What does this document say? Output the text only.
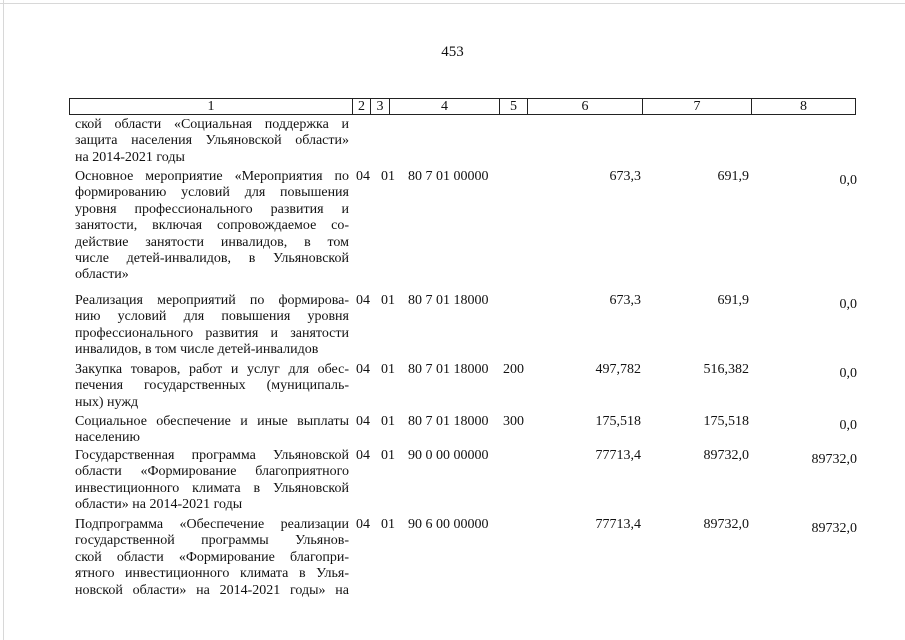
453
1	2 3	4	5	6	7	8
ской области «Социальная поддержка и
защита населения Ульяновской области»
на 2014-2021 годы
Основное мероприятие «Мероприятия по
формированию условий для повышения
уровня профессионального развития и
занятости, включая сопровождаемое со-
действие занятости инвалидов, в том
числе детей-инвалидов, в Ульяновской
области»
04 01 80 7 01 00000	673,3	691,9	0,0
Реализация мероприятий по формирова-
нию условий для повышения уровня
профессионального развития и занятости
инвалидов, в том числе детей-инвалидов
04 01 80 7 01 18000	673,3	691,9	0,0
Закупка товаров, работ и услуг для обес-
печения государственных (муниципаль-
ных) нужд
04 01 80 7 01 18000 200	497,782	516,382	0,0
Социальное обеспечение и иные выплаты
населению
04 01 80 7 01 18000 300	175,518	175,518	0,0
Государственная программа Ульяновской
области «Формирование благоприятного
инвестиционного климата в Ульяновской
области» на 2014-2021 годы
04 01 90 0 00 00000	77713,4	89732,0	89732,0
Подпрограмма «Обеспечение реализации
государственной программы Ульянов-
ской области «Формирование благопри-
ятного инвестиционного климата в Улья-
новской области» на 2014-2021 годы» на
04 01 90 6 00 00000	77713,4	89732,0	89732,0
